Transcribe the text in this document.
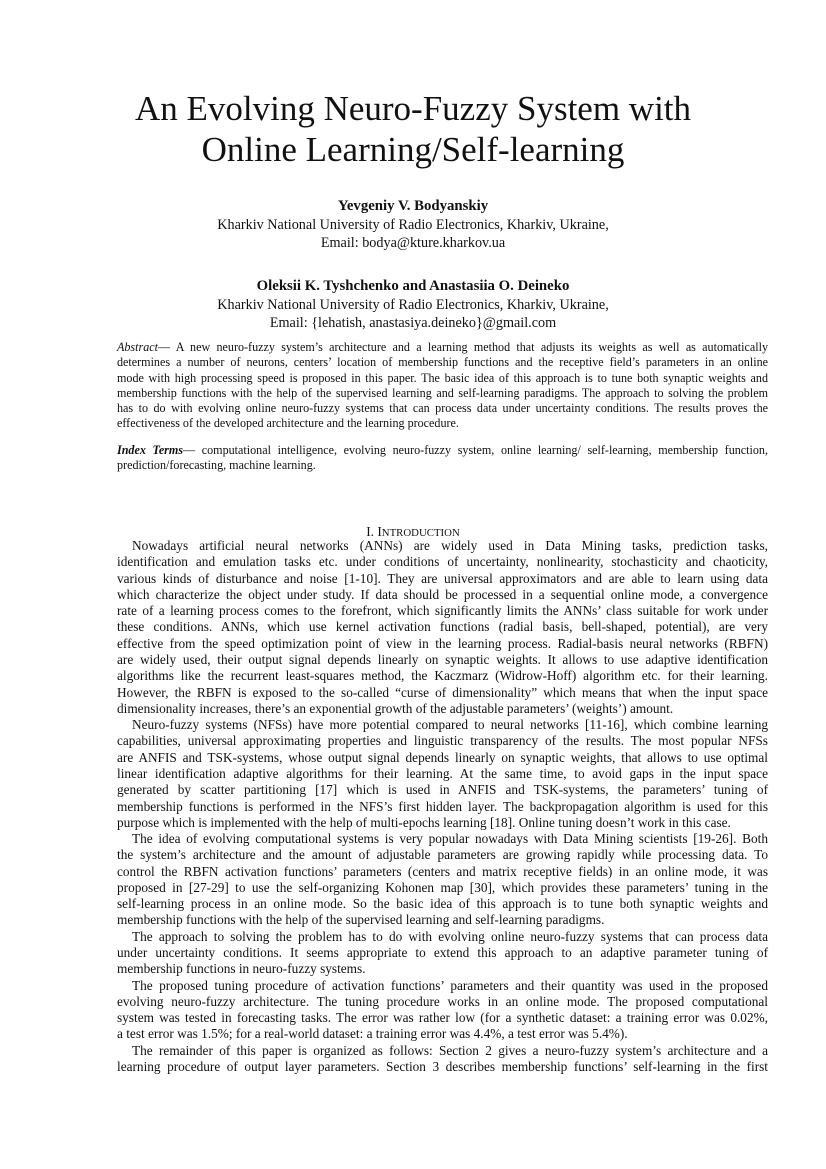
An Evolving Neuro-Fuzzy System with
Online Learning/Self-learning
Yevgeniy V. Bodyanskiy
Kharkiv National University of Radio Electronics, Kharkiv, Ukraine,
Email: bodya@kture.kharkov.ua
Oleksii K. Tyshchenko and Anastasiia O. Deineko
Kharkiv National University of Radio Electronics, Kharkiv, Ukraine,
Email: {lehatish, anastasiya.deineko}@gmail.com
Abstract— A new neuro-fuzzy system’s architecture and a learning method that adjusts its weights as well as automatically
determines a number of neurons, centers’ location of membership functions and the receptive field’s parameters in an online
mode with high processing speed is proposed in this paper. The basic idea of this approach is to tune both synaptic weights and
membership functions with the help of the supervised learning and self-learning paradigms. The approach to solving the problem
has to do with evolving online neuro-fuzzy systems that can process data under uncertainty conditions. The results proves the
effectiveness of the developed architecture and the learning procedure.
Index Terms— computational intelligence, evolving neuro-fuzzy system, online learning/ self-learning, membership function,
prediction/forecasting, machine learning.
I. INTRODUCTION
Nowadays artificial neural networks (ANNs) are widely used in Data Mining tasks, prediction tasks,
identification and emulation tasks etc. under conditions of uncertainty, nonlinearity, stochasticity and chaoticity,
various kinds of disturbance and noise [1-10]. They are universal approximators and are able to learn using data
which characterize the object under study. If data should be processed in a sequential online mode, a convergence
rate of a learning process comes to the forefront, which significantly limits the ANNs’ class suitable for work under
these conditions. ANNs, which use kernel activation functions (radial basis, bell-shaped, potential), are very
effective from the speed optimization point of view in the learning process. Radial-basis neural networks (RBFN)
are widely used, their output signal depends linearly on synaptic weights. It allows to use adaptive identification
algorithms like the recurrent least-squares method, the Kaczmarz (Widrow-Hoff) algorithm etc. for their learning.
However, the RBFN is exposed to the so-called “curse of dimensionality” which means that when the input space
dimensionality increases, there’s an exponential growth of the adjustable parameters’ (weights’) amount.
Neuro-fuzzy systems (NFSs) have more potential compared to neural networks [11-16], which combine learning
capabilities, universal approximating properties and linguistic transparency of the results. The most popular NFSs
are ANFIS and TSK-systems, whose output signal depends linearly on synaptic weights, that allows to use optimal
linear identification adaptive algorithms for their learning. At the same time, to avoid gaps in the input space
generated by scatter partitioning [17] which is used in ANFIS and TSK-systems, the parameters’ tuning of
membership functions is performed in the NFS’s first hidden layer. The backpropagation algorithm is used for this
purpose which is implemented with the help of multi-epochs learning [18]. Online tuning doesn’t work in this case.
The idea of evolving computational systems is very popular nowadays with Data Mining scientists [19-26]. Both
the system’s architecture and the amount of adjustable parameters are growing rapidly while processing data. To
control the RBFN activation functions’ parameters (centers and matrix receptive fields) in an online mode, it was
proposed in [27-29] to use the self-organizing Kohonen map [30], which provides these parameters’ tuning in the
self-learning process in an online mode. So the basic idea of this approach is to tune both synaptic weights and
membership functions with the help of the supervised learning and self-learning paradigms.
The approach to solving the problem has to do with evolving online neuro-fuzzy systems that can process data
under uncertainty conditions. It seems appropriate to extend this approach to an adaptive parameter tuning of
membership functions in neuro-fuzzy systems.
The proposed tuning procedure of activation functions’ parameters and their quantity was used in the proposed
evolving neuro-fuzzy architecture. The tuning procedure works in an online mode. The proposed computational
system was tested in forecasting tasks. The error was rather low (for a synthetic dataset: a training error was 0.02%,
a test error was 1.5%; for a real-world dataset: a training error was 4.4%, a test error was 5.4%).
The remainder of this paper is organized as follows: Section 2 gives a neuro-fuzzy system’s architecture and a
learning procedure of output layer parameters. Section 3 describes membership functions’ self-learning in the first
